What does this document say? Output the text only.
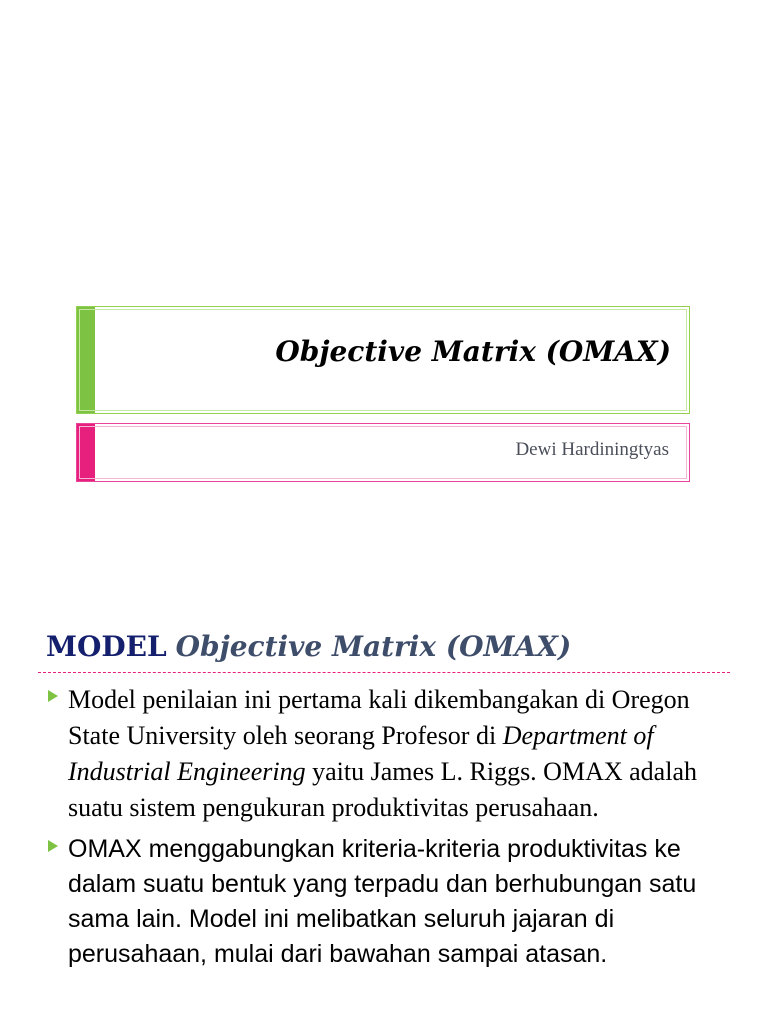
Objective Matrix (OMAX)
Dewi Hardiningtyas
MODEL Objective Matrix (OMAX)
Model penilaian ini pertama kali dikembangakan di Oregon State University oleh seorang Profesor di Department of Industrial Engineering yaitu James L. Riggs. OMAX adalah suatu sistem pengukuran produktivitas perusahaan.
OMAX menggabungkan kriteria-kriteria produktivitas ke dalam suatu bentuk yang terpadu dan berhubungan satu sama lain. Model ini melibatkan seluruh jajaran di perusahaan, mulai dari bawahan sampai atasan.
